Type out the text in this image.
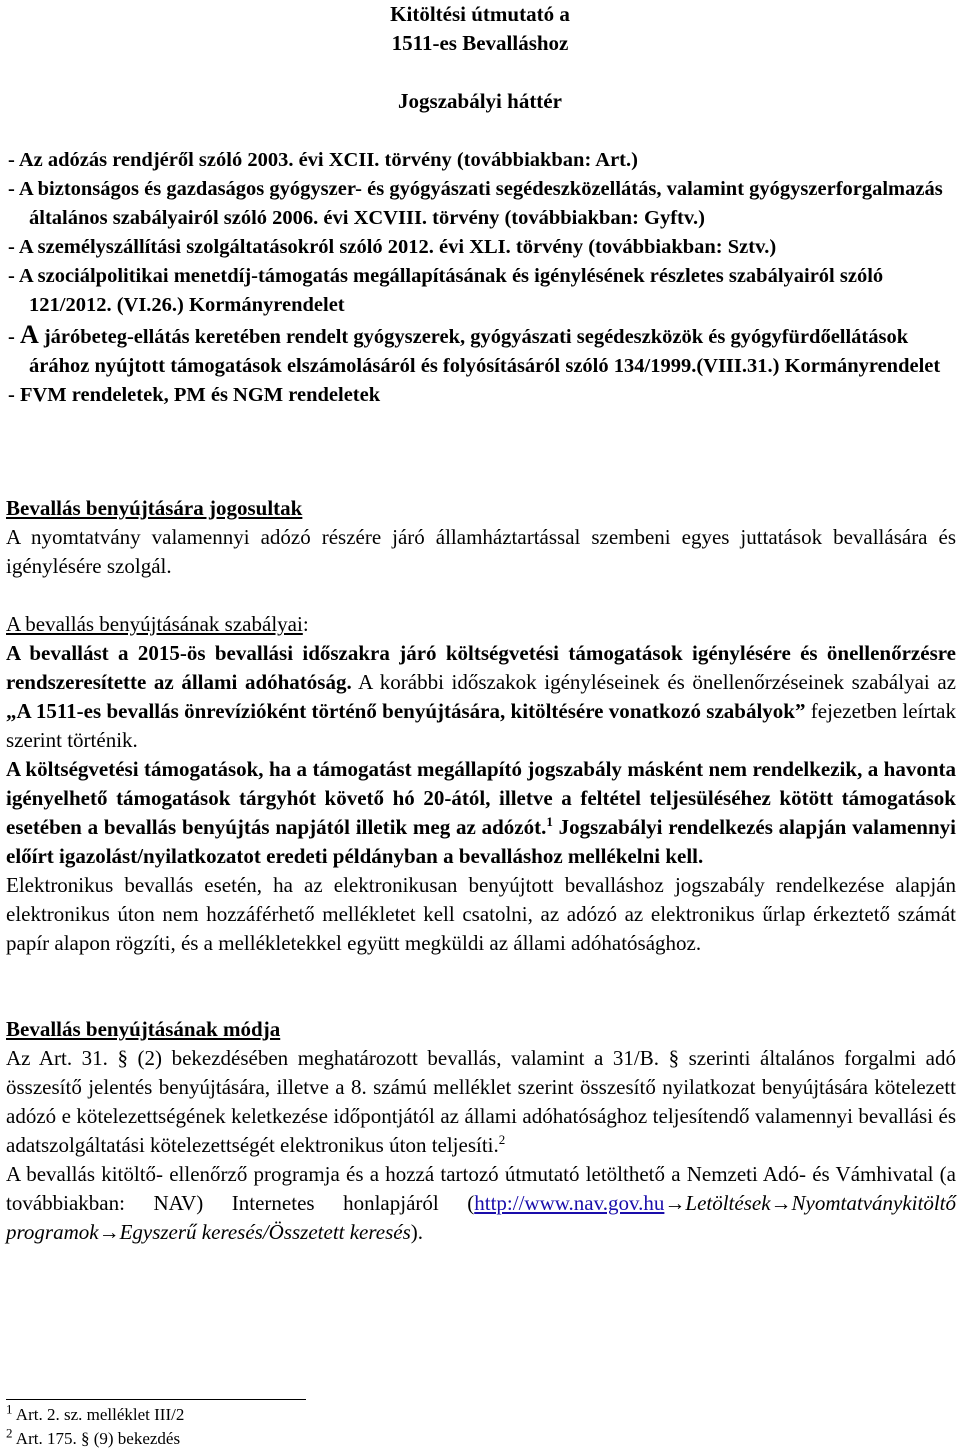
Kitöltési útmutató a
1511-es Bevalláshoz
Jogszabályi háttér

- Az adózás rendjéről szóló 2003. évi XCII. törvény (továbbiakban: Art.)

- A biztonságos és gazdaságos gyógyszer- és gyógyászati segédeszközellátás, valamint gyógyszerforgalmazás általános szabályairól szóló 2006. évi XCVIII. törvény (továbbiakban: Gyftv.)

- A személyszállítási szolgáltatásokról szóló 2012. évi XLI. törvény (továbbiakban: Sztv.)

- A szociálpolitikai menetdíj-támogatás megállapításának és igénylésének részletes szabályairól szóló 121/2012. (VI.26.) Kormányrendelet

- A járóbeteg-ellátás keretében rendelt gyógyszerek, gyógyászati segédeszközök és gyógyfürdőellátások árához nyújtott támogatások elszámolásáról és folyósításáról szóló 134/1999.(VIII.31.) Kormányrendelet

- FVM rendeletek, PM és NGM rendeletek

Bevallás benyújtására jogosultak

A nyomtatvány valamennyi adózó részére járó államháztartással szembeni egyes juttatások bevallására és igénylésére szolgál.

A bevallás benyújtásának szabályai:

A bevallást a 2015-ös bevallási időszakra járó költségvetési támogatások igénylésére és önellenőrzésre rendszeresítette az állami adóhatóság. A korábbi időszakok igényléseinek és önellenőrzéseinek szabályai az „A 1511-es bevallás önrevízióként történő benyújtására, kitöltésére vonatkozó szabályok” fejezetben leírtak szerint történik.

A költségvetési támogatások, ha a támogatást megállapító jogszabály másként nem rendelkezik, a havonta igényelhető támogatások tárgyhót követő hó 20-ától, illetve a feltétel teljesüléséhez kötött támogatások esetében a bevallás benyújtás napjától illetik meg az adózót.$^1$ Jogszabályi rendelkezés alapján valamennyi előírt igazolást/nyilatkozatot eredeti példányban a bevalláshoz mellékelni kell.

Elektronikus bevallás esetén, ha az elektronikusan benyújtott bevalláshoz jogszabály rendelkezése alapján elektronikus úton nem hozzáférhető mellékletet kell csatolni, az adózó az elektronikus űrlap érkeztető számát papír alapon rögzíti, és a mellékletekkel együtt megküldi az állami adóhatósághoz.

Bevallás benyújtásának módja

Az Art. 31. § (2) bekezdésében meghatározott bevallás, valamint a 31/B. § szerinti általános forgalmi adó összesítő jelentés benyújtására, illetve a 8. számú melléklet szerint összesítő nyilatkozat benyújtására kötelezett adózó e kötelezettségének keletkezése időpontjától az állami adóhatósághoz teljesítendő valamennyi bevallási és adatszolgáltatási kötelezettségét elektronikus úton teljesíti.$^2$

A bevallás kitöltő- ellenőrző programja és a hozzá tartozó útmutató letölthető a Nemzeti Adó- és Vámhivatal (a továbbiakban: NAV) Internetes honlapjáról (http://www.nav.gov.hu→Letöltések→Nyomtatványkitöltő programok→Egyszerű keresés/Összetett keresés).

$^1$ Art. 2. sz. melléklet III/2

$^2$ Art. 175. § (9) bekezdés
